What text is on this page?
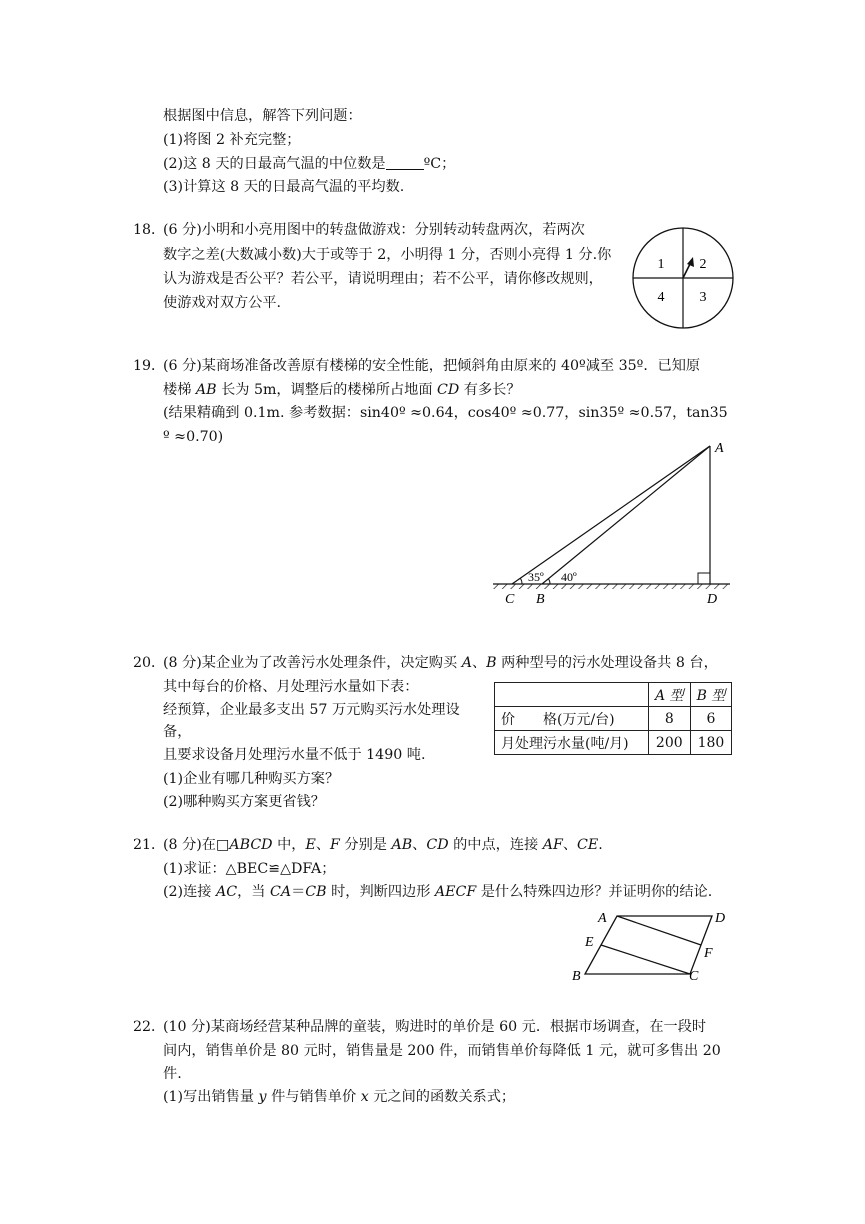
根据图中信息，解答下列问题：
(1)将图 2 补充完整；
(2)这 8 天的日最高气温的中位数是	ºC；
(3)计算这 8 天的日最高气温的平均数.
18．
(6 分)小明和小亮用图中的转盘做游戏：分别转动转盘两次，若两次
数字之差(大数减小数)大于或等于 2，小明得 1 分，否则小亮得 1 分.你
认为游戏是否公平？若公平，请说明理由；若不公平，请你修改规则，
使游戏对双方公平.
1	2
4	3
19．
(6 分)某商场准备改善原有楼梯的安全性能，把倾斜角由原来的 40º减至 35º．已知原
楼梯 AB 长为 5m，调整后的楼梯所占地面 CD 有多长？
(结果精确到 0.1m. 参考数据：sin40º ≈0.64，cos40º ≈0.77，sin35º ≈0.57，tan35
º ≈0.70)
35º 40º
A
C B	D
20．
(8 分)某企业为了改善污水处理条件，决定购买 A、B 两种型号的污水处理设备共 8 台，
其中每台的价格、月处理污水量如下表：
经预算，企业最多支出 57 万元购买污水处理设
备，
且要求设备月处理污水量不低于 1490 吨.
(1)企业有哪几种购买方案？
(2)哪种购买方案更省钱？
	A 型	B 型
价　　格(万元/台)	8	6
月处理污水量(吨/月)	200	180
21．
(8 分)在□ABCD 中，E、F 分别是 AB、CD 的中点，连接 AF、CE.
(1)求证：△BEC≌△DFA；
(2)连接 AC，当 CA＝CB 时，判断四边形 AECF 是什么特殊四边形？并证明你的结论.
A	D
E
F
B	C
22．
(10 分)某商场经营某种品牌的童装，购进时的单价是 60 元．根据市场调查，在一段时
间内，销售单价是 80 元时，销售量是 200 件，而销售单价每降低 1 元，就可多售出 20
件.
(1)写出销售量 y 件与销售单价 x 元之间的函数关系式；
